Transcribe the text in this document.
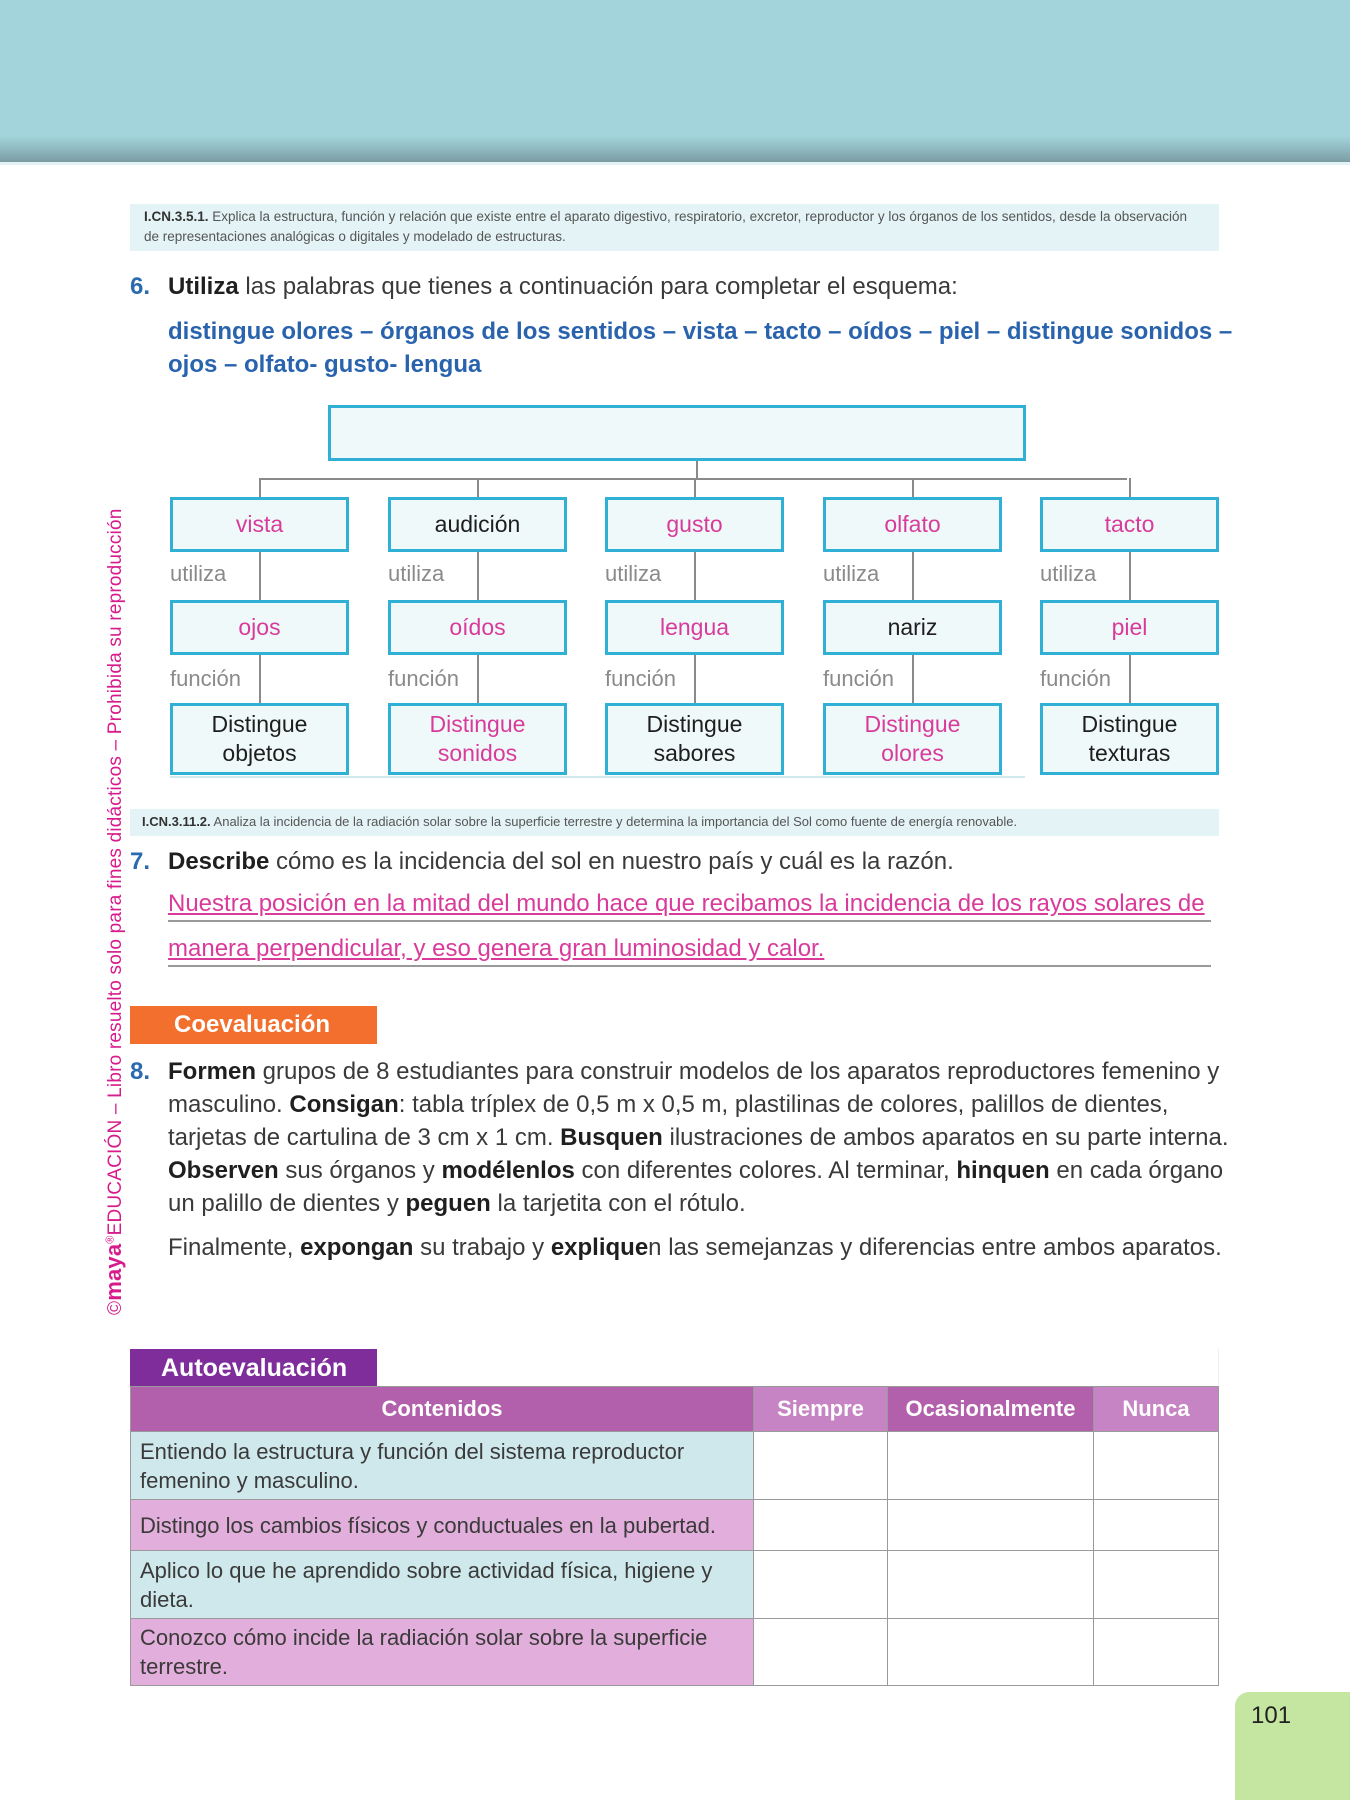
©maya®EDUCACIÓN – Libro resuelto solo para fines didácticos – Prohibida su reproducción
I.CN.3.5.1. Explica la estructura, función y relación que existe entre el aparato digestivo, respiratorio, excretor, reproductor y los órganos de los sentidos, desde la observación de representaciones analógicas o digitales y modelado de estructuras.
6. Utiliza las palabras que tienes a continuación para completar el esquema:
distingue olores – órganos de los sentidos – vista – tacto – oídos – piel – distingue sonidos – ojos – olfato- gusto- lengua
vista
utiliza
ojos
función
Distingue objetos
audición
utiliza
oídos
función
Distingue sonidos
gusto
utiliza
lengua
función
Distingue sabores
olfato
utiliza
nariz
función
Distingue olores
tacto
utiliza
piel
función
Distingue texturas
I.CN.3.11.2. Analiza la incidencia de la radiación solar sobre la superficie terrestre y determina la importancia del Sol como fuente de energía renovable.
7. Describe cómo es la incidencia del sol en nuestro país y cuál es la razón.
Nuestra posición en la mitad del mundo hace que recibamos la incidencia de los rayos solares de
manera perpendicular, y eso genera gran luminosidad y calor.
Coevaluación
8. Formen grupos de 8 estudiantes para construir modelos de los aparatos reproductores femenino y masculino. Consigan: tabla tríplex de 0,5 m x 0,5 m, plastilinas de colores, palillos de dientes, tarjetas de cartulina de 3 cm x 1 cm. Busquen ilustraciones de ambos aparatos en su parte interna. Observen sus órganos y modélenlos con diferentes colores. Al terminar, hinquen en cada órgano un palillo de dientes y peguen la tarjetita con el rótulo.
Finalmente, expongan su trabajo y expliquen las semejanzas y diferencias entre ambos aparatos.
Autoevaluación
Contenidos	Siempre	Ocasionalmente	Nunca
Entiendo la estructura y función del sistema reproductor femenino y masculino.			
Distingo los cambios físicos y conductuales en la pubertad.			
Aplico lo que he aprendido sobre actividad física, higiene y dieta.			
Conozco cómo incide la radiación solar sobre la superficie terrestre.			
101
